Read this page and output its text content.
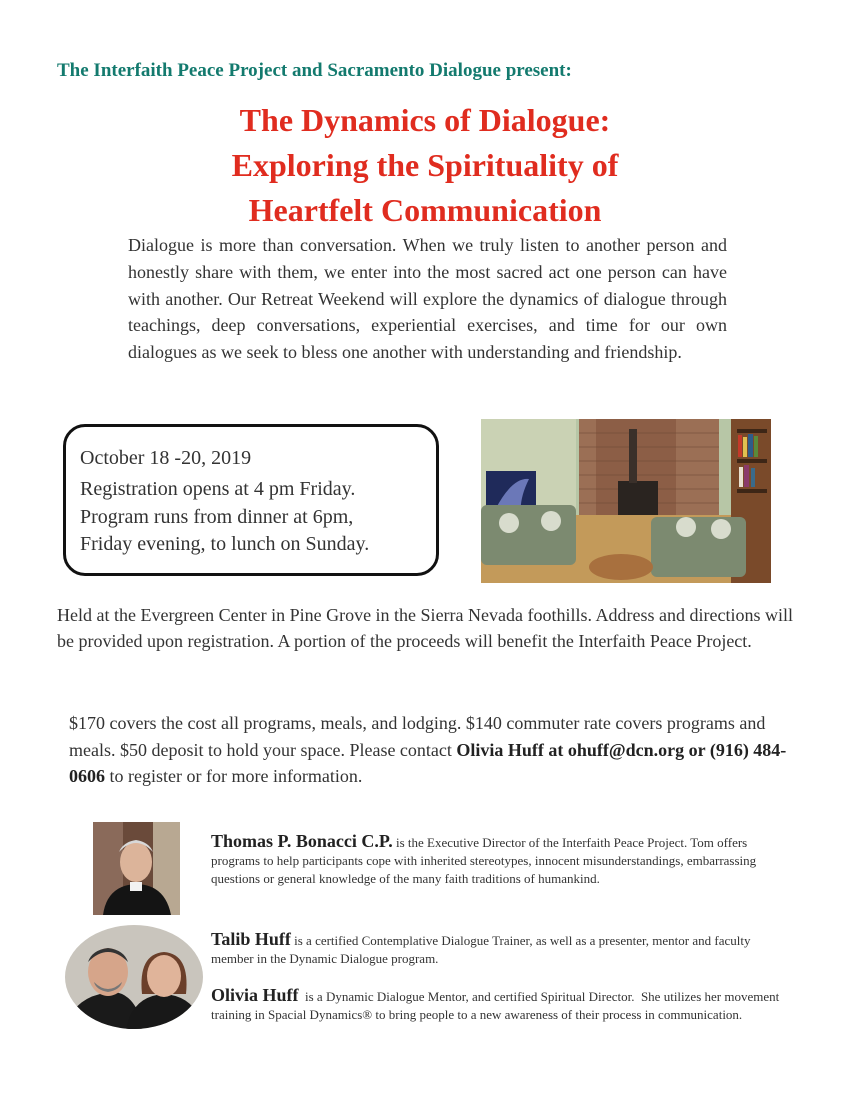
The Interfaith Peace Project and Sacramento Dialogue present:
The Dynamics of Dialogue:
Exploring the Spirituality of
Heartfelt Communication
Dialogue is more than conversation. When we truly listen to another person and honestly share with them, we enter into the most sacred act one person can have with another. Our Retreat Weekend will explore the dynamics of dialogue through teachings, deep conversations, experiential exercises, and time for our own dialogues as we seek to bless one another with understanding and friendship.
October 18 -20, 2019
Registration opens at 4 pm Friday.
Program runs from dinner at 6pm,
Friday evening, to lunch on Sunday.
Held at the Evergreen Center in Pine Grove in the Sierra Nevada foothills. Address and directions will be provided upon registration. A portion of the proceeds will benefit the Interfaith Peace Project.
$170 covers the cost all programs, meals, and lodging. $140 commuter rate covers programs and meals. $50 deposit to hold your space. Please contact Olivia Huff at ohuff@dcn.org or (916) 484-0606 to register or for more information.
Thomas P. Bonacci C.P. is the Executive Director of the Interfaith Peace Project. Tom offers programs to help participants cope with inherited stereotypes, innocent misunderstandings, embarrassing questions or general knowledge of the many faith traditions of humankind.
Talib Huff is a certified Contemplative Dialogue Trainer, as well as a presenter, mentor and faculty member in the Dynamic Dialogue program.
Olivia Huff  is a Dynamic Dialogue Mentor, and certified Spiritual Director.  She utilizes her movement training in Spacial Dynamics® to bring people to a new awareness of their process in communication.
